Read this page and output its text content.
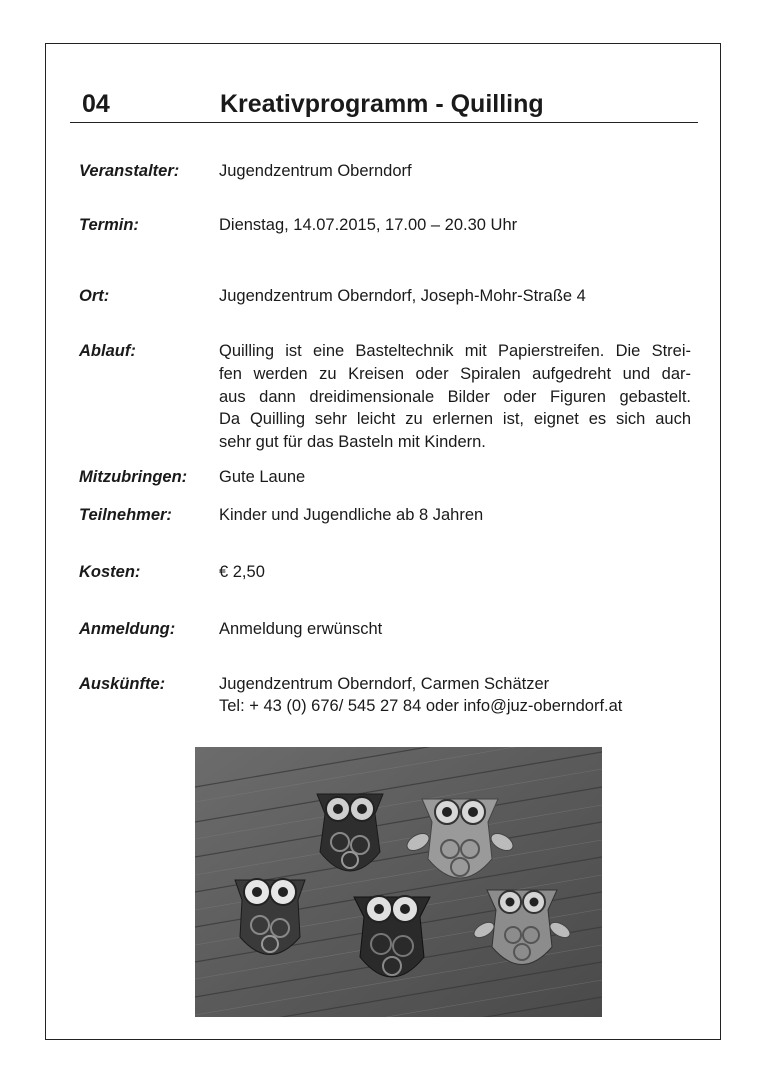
04	Kreativprogramm - Quilling
Veranstalter: Jugendzentrum Oberndorf
Termin:	Dienstag, 14.07.2015, 17.00 – 20.30 Uhr
Ort:	Jugendzentrum Oberndorf, Joseph-Mohr-Straße 4
Ablauf:	Quilling ist eine Basteltechnik mit Papierstreifen. Die Strei-
fen werden zu Kreisen oder Spiralen aufgedreht und dar-
aus dann dreidimensionale Bilder oder Figuren gebastelt.
Da Quilling sehr leicht zu erlernen ist, eignet es sich auch
sehr gut für das Basteln mit Kindern.
Mitzubringen: Gute Laune
Teilnehmer:	Kinder und Jugendliche ab 8 Jahren
Kosten:	€ 2,50
Anmeldung:	Anmeldung erwünscht
Auskünfte:	Jugendzentrum Oberndorf, Carmen Schätzer
Tel: + 43 (0) 676/ 545 27 84 oder info@juz-oberndorf.at
